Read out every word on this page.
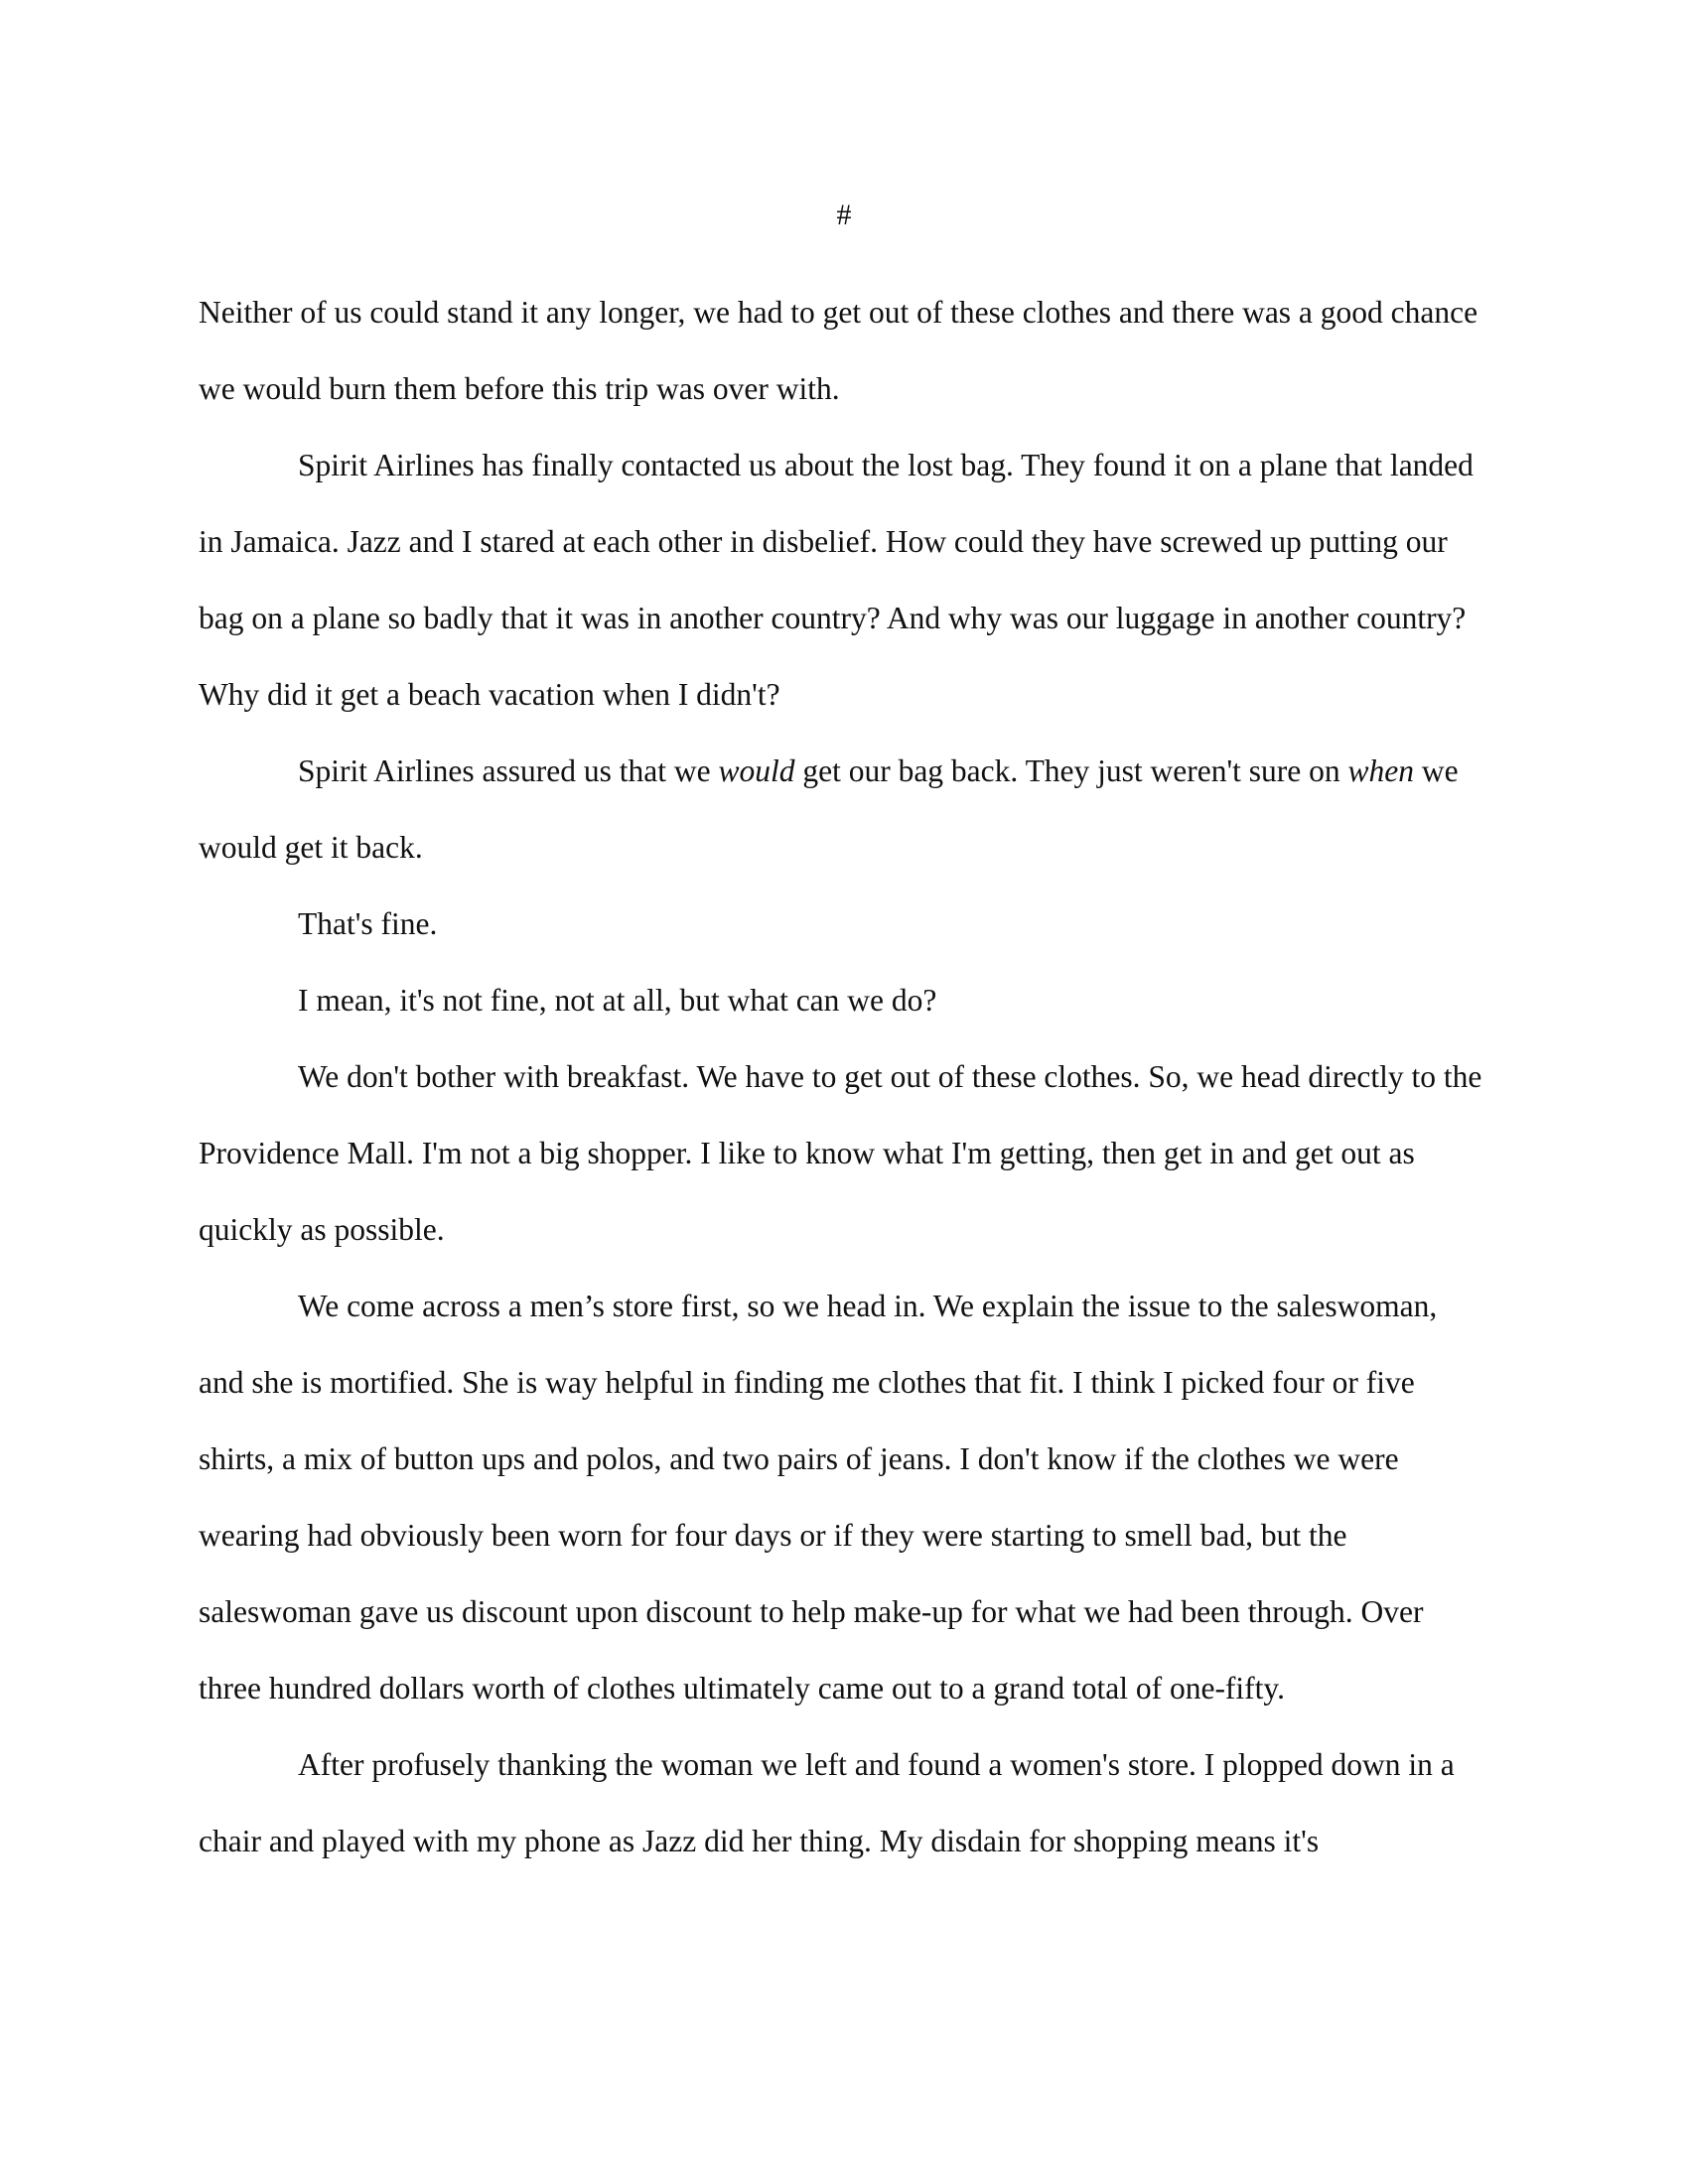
#

Neither of us could stand it any longer, we had to get out of these clothes and there was a good chance we would burn them before this trip was over with.

Spirit Airlines has finally contacted us about the lost bag. They found it on a plane that landed in Jamaica. Jazz and I stared at each other in disbelief. How could they have screwed up putting our bag on a plane so badly that it was in another country? And why was our luggage in another country? Why did it get a beach vacation when I didn't?

Spirit Airlines assured us that we would get our bag back. They just weren't sure on when we would get it back.

That's fine.

I mean, it's not fine, not at all, but what can we do?

We don't bother with breakfast. We have to get out of these clothes. So, we head directly to the Providence Mall. I'm not a big shopper. I like to know what I'm getting, then get in and get out as quickly as possible.

We come across a men’s store first, so we head in. We explain the issue to the saleswoman, and she is mortified. She is way helpful in finding me clothes that fit. I think I picked four or five shirts, a mix of button ups and polos, and two pairs of jeans. I don't know if the clothes we were wearing had obviously been worn for four days or if they were starting to smell bad, but the saleswoman gave us discount upon discount to help make-up for what we had been through. Over three hundred dollars worth of clothes ultimately came out to a grand total of one-fifty.

After profusely thanking the woman we left and found a women's store. I plopped down in a chair and played with my phone as Jazz did her thing. My disdain for shopping means it's
